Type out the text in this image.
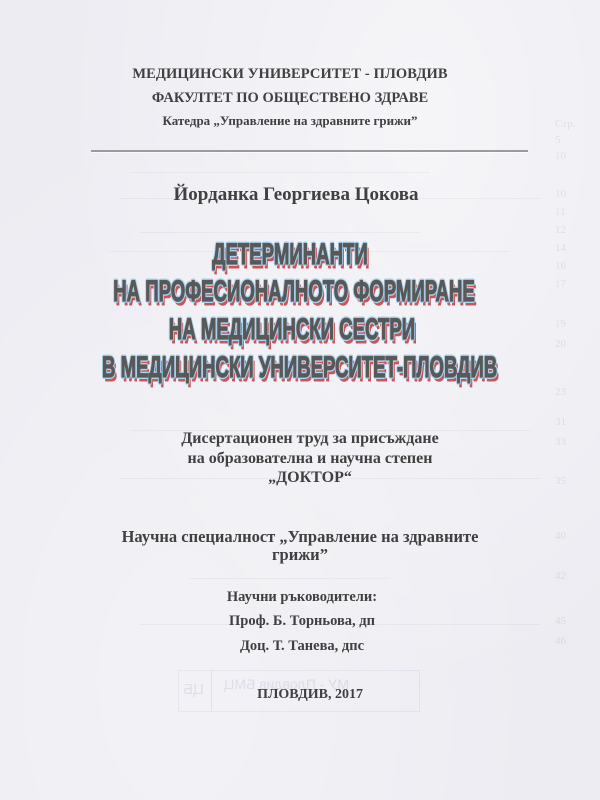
Стр.
5
10
10
11
12
14
16
17
19
20
23
31
33
35
40
42
45
46
МЕДИЦИНСКИ УНИВЕРСИТЕТ - ПЛОВДИВ
ФАКУЛТЕТ ПО ОБЩЕСТВЕНО ЗДРАВЕ
Катедра „Управление на здравните грижи”
Йорданка Георгиева Цокова
ДЕТЕРМИНАНТИ
НА ПРОФЕСИОНАЛНОТО ФОРМИРАНЕ
НА МЕДИЦИНСКИ СЕСТРИ
В МЕДИЦИНСКИ УНИВЕРСИТЕТ-ПЛОВДИВ
Дисертационен труд за присъждане
на образователна и научна степен
„ДОКТОР“
Научна специалност „Управление на здравните
грижи”
Научни ръководители:
Проф. Б. Торньова, дп
Доц. Т. Танева, дпс
ЦБ МУ - Пловдив БМЦ
ПЛОВДИВ, 2017
